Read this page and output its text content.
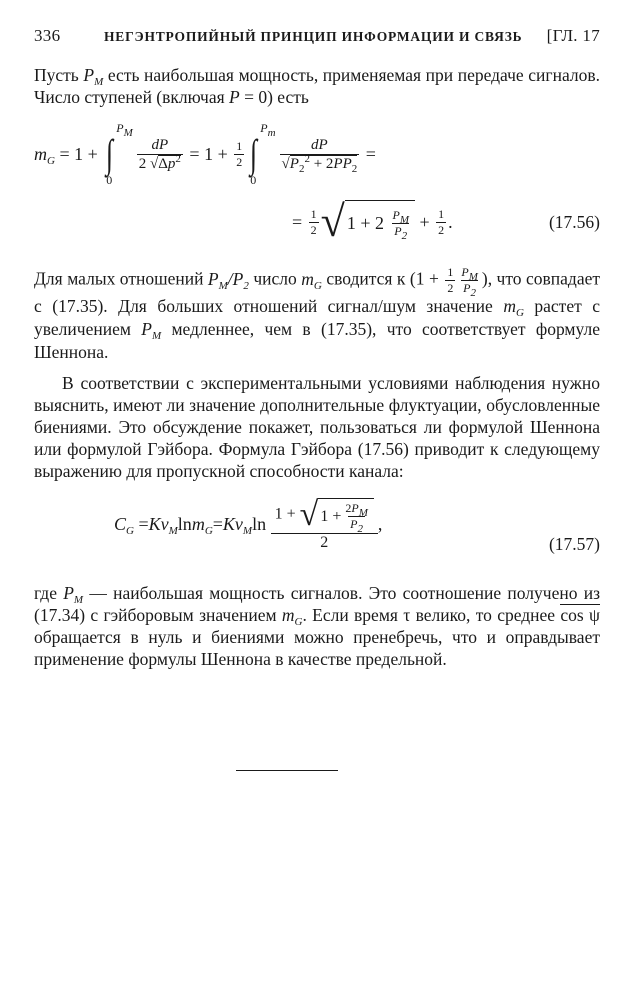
336	НЕГЭНТРОПИЙНЫЙ ПРИНЦИП ИНФОРМАЦИИ И СВЯЗЬ	[ГЛ. 17

Пусть $P_M$ есть наибольшая мощность, применяемая при передаче сигналов. Число ступеней (включая P = 0) есть

$m_G = 1$ +
$P_M$
∫
0
$\frac{dP}{2 √\Delta p^2} = 1 + \frac{1}{2}$
$P_m$
∫
0
$\frac{dP}{√P_2^2 + 2PP_2}$ =
= $\frac{1}{2}$ √ $1 + 2 \frac{P_M}{P_2} + \frac{1}{2}$ .	(17.56)

Для малых отношений $P_M/P_2$ число $m_G$ сводится к ($1 + \frac{1}{2} \frac{P_M}{P_2}$ ), что совпадает с (17.35). Для больших отношений сигнал/шум значение $m_G$ растет с увеличением $P_M$ медленнее, чем в (17.35), что соответствует формуле Шеннона.

В соответствии с экспериментальными условиями наблюдения нужно выяснить, имеют ли значение дополнительные флуктуации, обусловленные биениями. Это обсуждение покажет, пользоваться ли формулой Шеннона или формулой Гэйбора. Формула Гэйбора (17.56) приводит к следующему выражению для пропускной способности канала:

$C_G = K\nu_M$ $\ln m_G = K\nu_M$ $\ln \frac{1 + √ 1 + \frac{2P_M}{P_2}}{2}$ ,
(17.57)

где $P_M$ — наибольшая мощность сигналов. Это соотношение получено из (17.34) с гэйборовым значением $m_G$. Если время τ велико, то среднее cos ψ обращается в нуль и биениями можно пренебречь, что и оправдывает применение формулы Шеннона в качестве предельной.
